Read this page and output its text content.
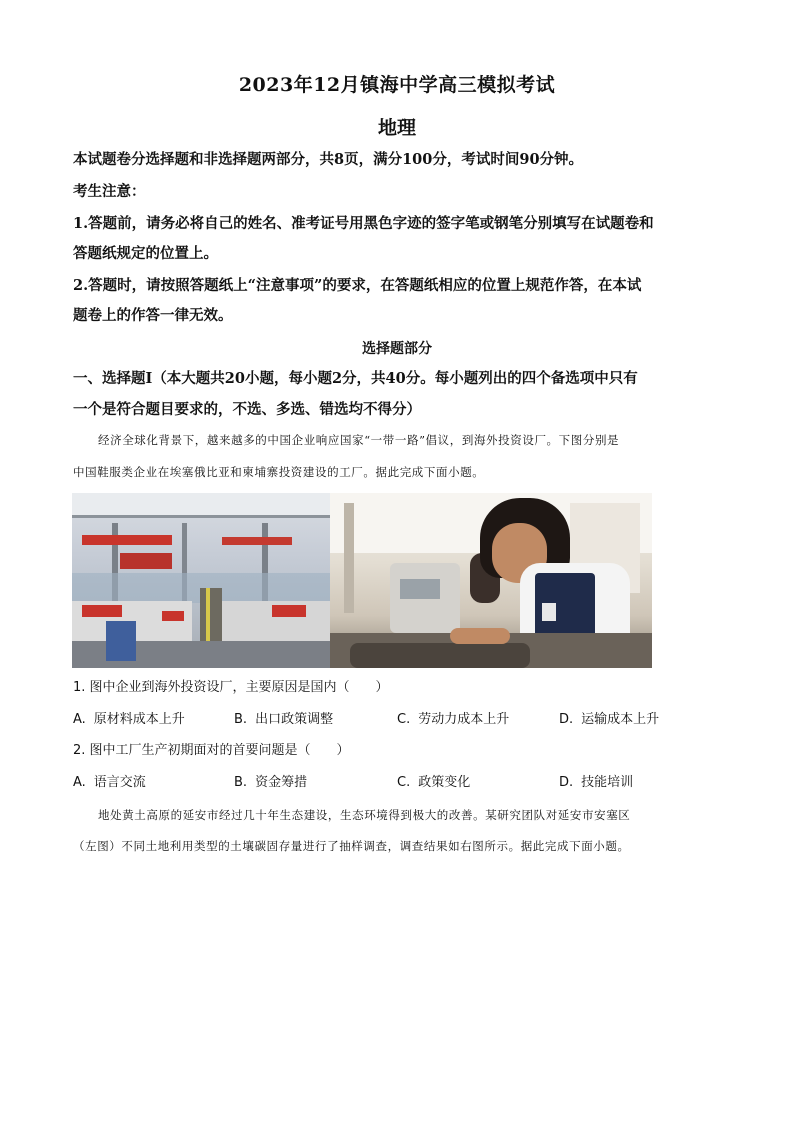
2023年12月镇海中学高三模拟考试
地理
本试题卷分选择题和非选择题两部分，共8页，满分100分，考试时间90分钟。
考生注意：
1.答题前，请务必将自己的姓名、准考证号用黑色字迹的签字笔或钢笔分别填写在试题卷和
答题纸规定的位置上。
2.答题时，请按照答题纸上“注意事项”的要求，在答题纸相应的位置上规范作答，在本试
题卷上的作答一律无效。
选择题部分
一、选择题Ⅰ（本大题共20小题，每小题2分，共40分。每小题列出的四个备选项中只有
一个是符合题目要求的，不选、多选、错选均不得分）
经济全球化背景下，越来越多的中国企业响应国家“一带一路”倡议，到海外投资设厂。下图分别是
中国鞋服类企业在埃塞俄比亚和柬埔寨投资建设的工厂。据此完成下面小题。
1. 图中企业到海外投资设厂，主要原因是国内（　　）
A. 原材料成本上升	B. 出口政策调整	C. 劳动力成本上升	D. 运输成本上升
2. 图中工厂生产初期面对的首要问题是（　　）
A. 语言交流	B. 资金筹措	C. 政策变化	D. 技能培训
地处黄土高原的延安市经过几十年生态建设，生态环境得到极大的改善。某研究团队对延安市安塞区
（左图）不同土地利用类型的土壤碳固存量进行了抽样调查，调查结果如右图所示。据此完成下面小题。
